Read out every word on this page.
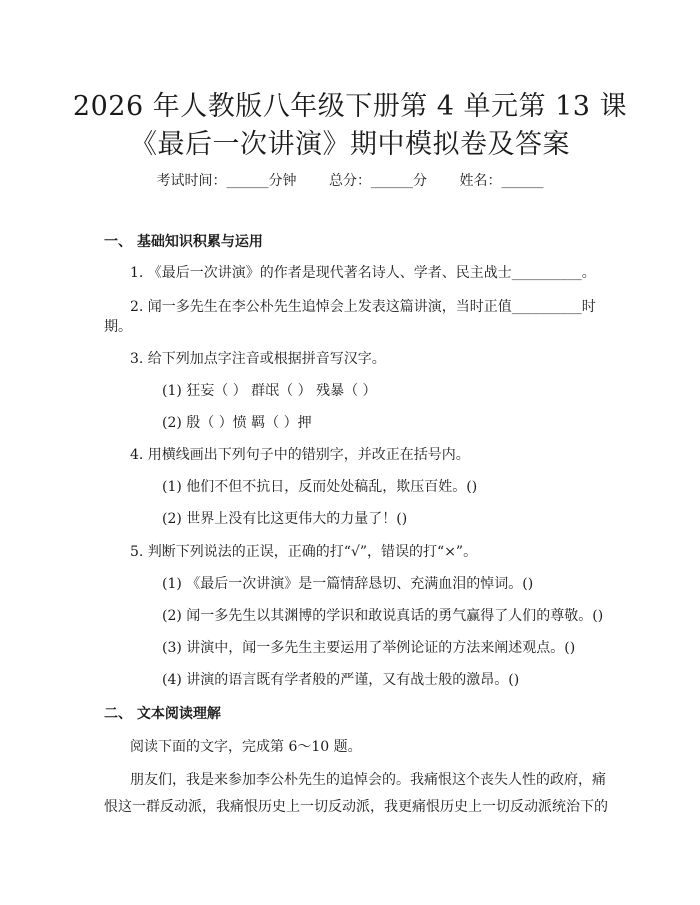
2026 年人教版八年级下册第 4 单元第 13 课
《最后一次讲演》期中模拟卷及答案
考试时间：______分钟 总分：______分 姓名：______
一、 基础知识积累与运用
1. 《最后一次讲演》的作者是现代著名诗人、学者、民主战士__________。
2. 闻一多先生在李公朴先生追悼会上发表这篇讲演，当时正值__________时
期。
3. 给下列加点字注音或根据拼音写汉字。
(1) 狂妄（ ） 群氓（ ） 残暴（ ）
(2) 殷（ ）愤 羁（ ）押
4. 用横线画出下列句子中的错别字，并改正在括号内。
(1) 他们不但不抗日，反而处处稿乱，欺压百姓。()
(2) 世界上没有比这更伟大的力量了！()
5. 判断下列说法的正误，正确的打“√”，错误的打“×”。
(1) 《最后一次讲演》是一篇情辞恳切、充满血泪的悼词。()
(2) 闻一多先生以其渊博的学识和敢说真话的勇气赢得了人们的尊敬。()
(3) 讲演中，闻一多先生主要运用了举例论证的方法来阐述观点。()
(4) 讲演的语言既有学者般的严谨，又有战士般的激昂。()
二、 文本阅读理解
阅读下面的文字，完成第 6～10 题。
朋友们，我是来参加李公朴先生的追悼会的。我痛恨这个丧失人性的政府，痛
恨这一群反动派，我痛恨历史上一切反动派，我更痛恨历史上一切反动派统治下的
